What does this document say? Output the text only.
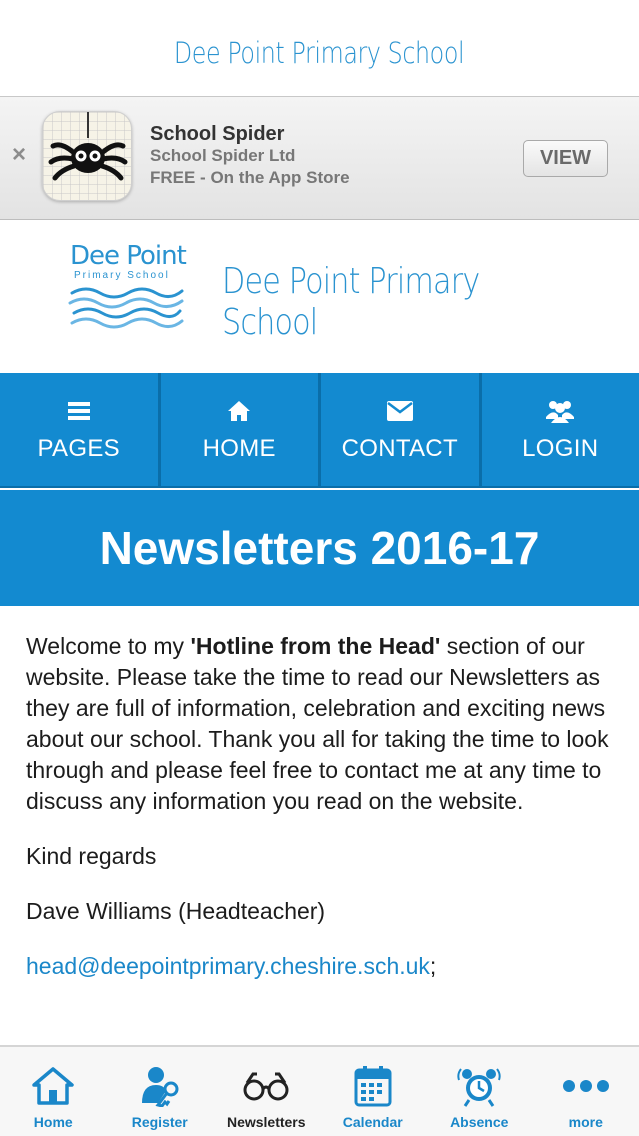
Dee Point Primary School
×
School Spider
School Spider Ltd
FREE - On the App Store
VIEW
Dee Point
Primary School Dee Point Primary School
PAGES	HOME	CONTACT	LOGIN
Newsletters 2016-17

Welcome to my 'Hotline from the Head' section of our website. Please take the time to read our Newsletters as they are full of information, celebration and exciting news about our school. Thank you all for taking the time to look through and please feel free to contact me at any time to discuss any information you read on the website.

Kind regards

Dave Williams (Headteacher)

head@deepointprimary.cheshire.sch.uk;

Home	Register	Newsletters	Calendar	Absence	more
